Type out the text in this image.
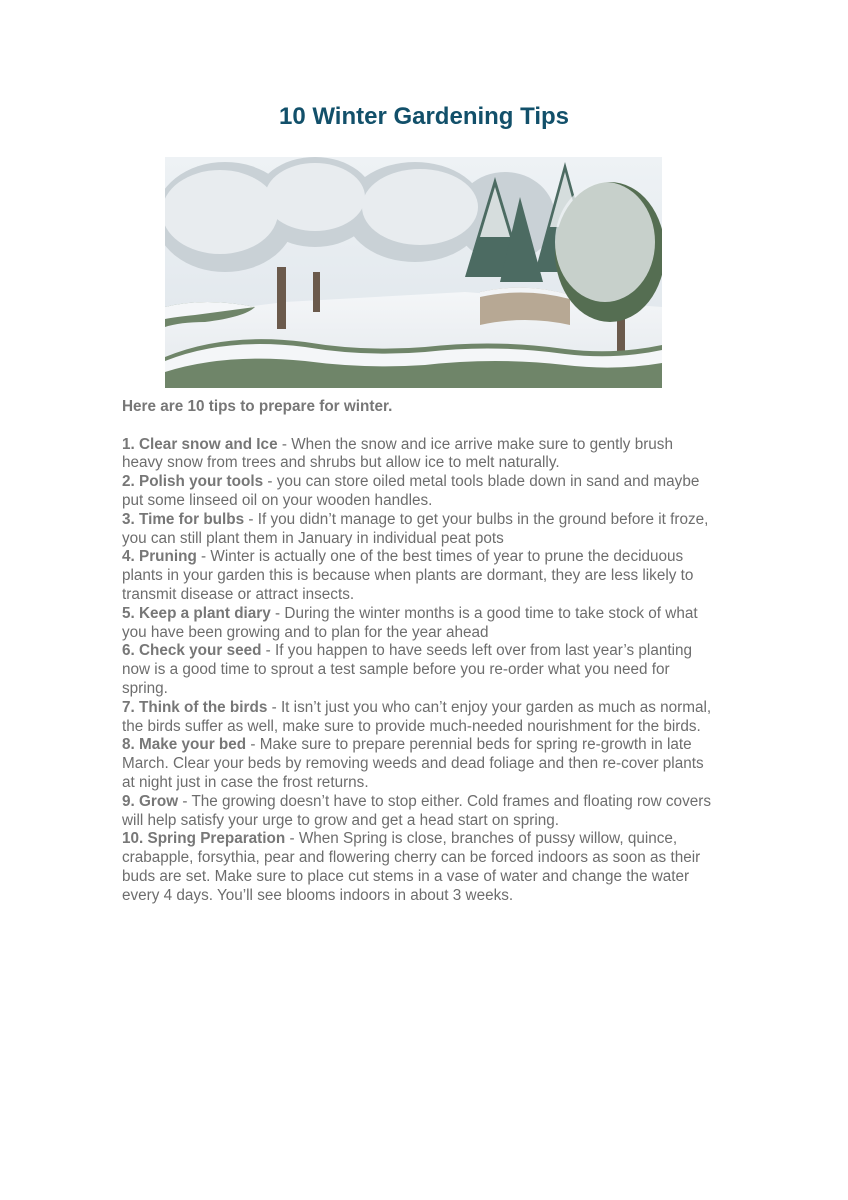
10 Winter Gardening Tips

Here are 10 tips to prepare for winter.

1. Clear snow and Ice - When the snow and ice arrive make sure to gently brush heavy snow from trees and shrubs but allow ice to melt naturally.

2. Polish your tools - you can store oiled metal tools blade down in sand and maybe put some linseed oil on your wooden handles.

3. Time for bulbs - If you didn’t manage to get your bulbs in the ground before it froze, you can still plant them in January in individual peat pots

4. Pruning - Winter is actually one of the best times of year to prune the deciduous plants in your garden this is because when plants are dormant, they are less likely to transmit disease or attract insects.

5. Keep a plant diary - During the winter months is a good time to take stock of what you have been growing and to plan for the year ahead

6. Check your seed - If you happen to have seeds left over from last year’s planting now is a good time to sprout a test sample before you re-order what you need for spring.

7. Think of the birds - It isn’t just you who can’t enjoy your garden as much as normal, the birds suffer as well, make sure to provide much-needed nourishment for the birds.

8. Make your bed - Make sure to prepare perennial beds for spring re-growth in late March. Clear your beds by removing weeds and dead foliage and then re-cover plants at night just in case the frost returns.

9. Grow - The growing doesn’t have to stop either. Cold frames and floating row covers will help satisfy your urge to grow and get a head start on spring.

10. Spring Preparation - When Spring is close, branches of pussy willow, quince, crabapple, forsythia, pear and flowering cherry can be forced indoors as soon as their buds are set. Make sure to place cut stems in a vase of water and change the water every 4 days. You’ll see blooms indoors in about 3 weeks.
